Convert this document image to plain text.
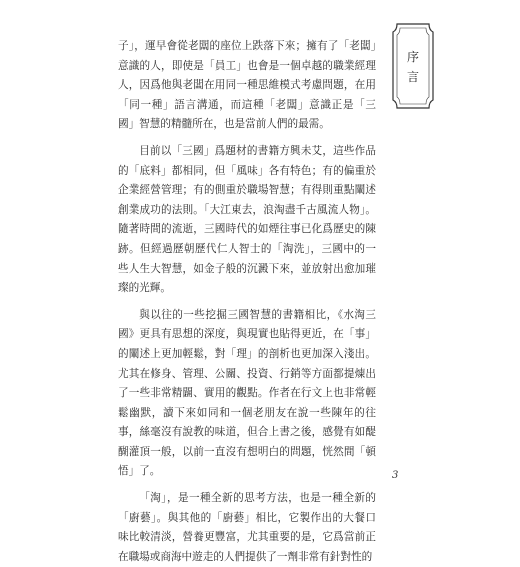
序
言

子」，運早會從老闆的座位上跌落下來；擁有了「老闆」意識的人，即使是「員工」也會是一個卓越的職業經理人，因爲他與老闆在用同一種思維模式考慮問題，在用「同一種」語言溝通，而這種「老闆」意識正是「三國」智慧的精髓所在，也是當前人們的最需。

目前以「三國」爲題材的書籍方興未艾，這些作品的「底料」都相同，但「風味」各有特色；有的偏重於企業經營管理；有的側重於職場智慧；有得則重點闡述創業成功的法則。「大江東去，浪淘盡千古風流人物」。隨著時間的流逝，三國時代的如煙往事已化爲歷史的陳跡。但經過歷朝歷代仁人智士的「淘洗」，三國中的一些人生大智慧，如金子般的沉澱下來，並放射出愈加璀璨的光輝。

與以往的一些挖掘三國智慧的書籍相比，《水淘三國》更具有思想的深度，與現實也貼得更近，在「事」的闡述上更加輕鬆，對「理」的剖析也更加深入淺出。尤其在修身、管理、公關、投資、行銷等方面都提煉出了一些非常精闢、實用的觀點。作者在行文上也非常輕鬆幽默，讀下來如同和一個老朋友在說一些陳年的往事，絲毫沒有說教的味道，但合上書之後，感覺有如醍醐灌頂一般，以前一直沒有想明白的問題，恍然間「頓悟」了。

「淘」，是一種全新的思考方法，也是一種全新的「廚藝」。與其他的「廚藝」相比，它製作出的大餐口味比較清淡，營養更豐富，尤其重要的是，它爲當前正在職場或商海中遊走的人們提供了一劑非常有針對性的

3
